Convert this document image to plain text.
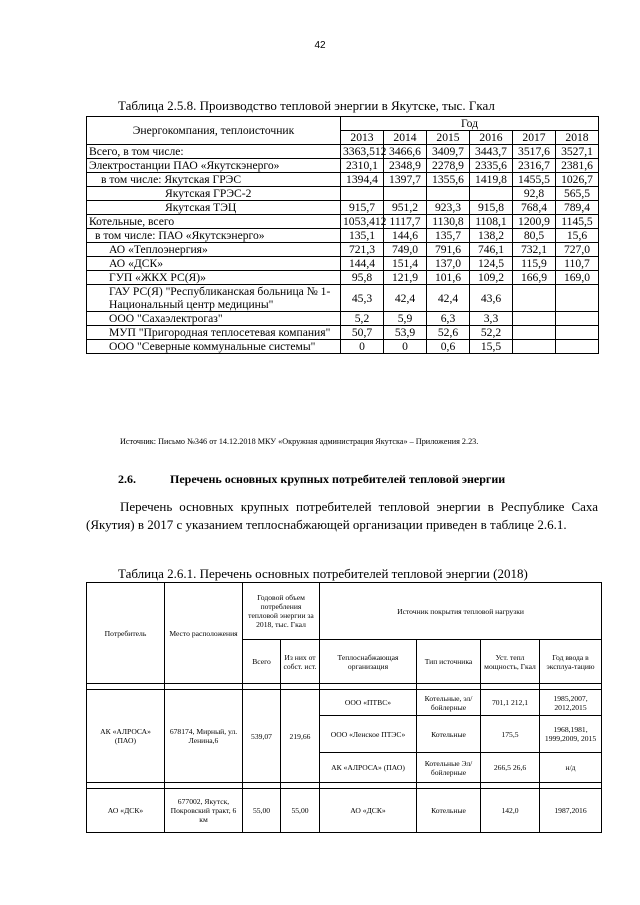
42
Таблица 2.5.8. Производство тепловой энергии в Якутске, тыс. Гкал
Энергокомпания, теплоисточник	Год					
	2013	2014	2015	2016	2017	2018
Всего, в том числе:	3363,512	3466,6	3409,7	3443,7	3517,6	3527,1
Электростанции ПАО «Якутскэнерго»	2310,1	2348,9	2278,9	2335,6	2316,7	2381,6
в том числе: Якутская ГРЭС	1394,4	1397,7	1355,6	1419,8	1455,5	1026,7
Якутская ГРЭС-2					92,8	565,5
Якутская ТЭЦ	915,7	951,2	923,3	915,8	768,4	789,4
Котельные, всего	1053,412	1117,7	1130,8	1108,1	1200,9	1145,5
в том числе: ПАО «Якутскэнерго»	135,1	144,6	135,7	138,2	80,5	15,6
АО «Теплоэнергия»	721,3	749,0	791,6	746,1	732,1	727,0
АО «ДСК»	144,4	151,4	137,0	124,5	115,9	110,7
ГУП «ЖКХ РС(Я)»	95,8	121,9	101,6	109,2	166,9	169,0
ГАУ РС(Я) "Республиканская больница № 1-Национальный центр медицины"	45,3	42,4	42,4	43,6		
ООО "Сахаэлектрогаз"	5,2	5,9	6,3	3,3		
МУП "Пригородная теплосетевая компания"	50,7	53,9	52,6	52,2		
ООО "Северные коммунальные системы"	0	0	0,6	15,5		
Источник: Письмо №346 от 14.12.2018 МКУ «Окружная администрация Якутска» – Приложения 2.23.
2.6.	Перечень основных крупных потребителей тепловой энергии
Перечень основных крупных потребителей тепловой энергии в Республике Саха (Якутия) в 2017 с указанием теплоснабжающей организации приведен в таблице 2.6.1.
Таблица 2.6.1. Перечень основных потребителей тепловой энергии (2018)
Потребитель	Место расположения	Годовой объем потребления тепловой энергии за 2018, тыс. Гкал		Источник покрытия тепловой нагрузки			
		Всего	Из них от собст. ист.	Теплоснабжающая организация	Тип источника	Уст. тепл мощность, Гкал	Год ввода в эксплуа-тацию

АК «АЛРОСА» (ПАО)	678174, Мирный, ул. Ленина,6	539,07	219,66	ООО «ПТВС»	Котельные, эл/бойлерные	701,1 212,1	1985,2007, 2012,2015
				ООО «Ленское ПТЭС»	Котельные	175,5	1968,1981, 1999,2009, 2015
				АК «АЛРОСА» (ПАО)	Котельные Эл/бойлерные	266,5 26,6	н/д

АО «ДСК»	677002, Якутск, Покровский тракт, 6 км	55,00	55,00	АО «ДСК»	Котельные	142,0	1987,2016
